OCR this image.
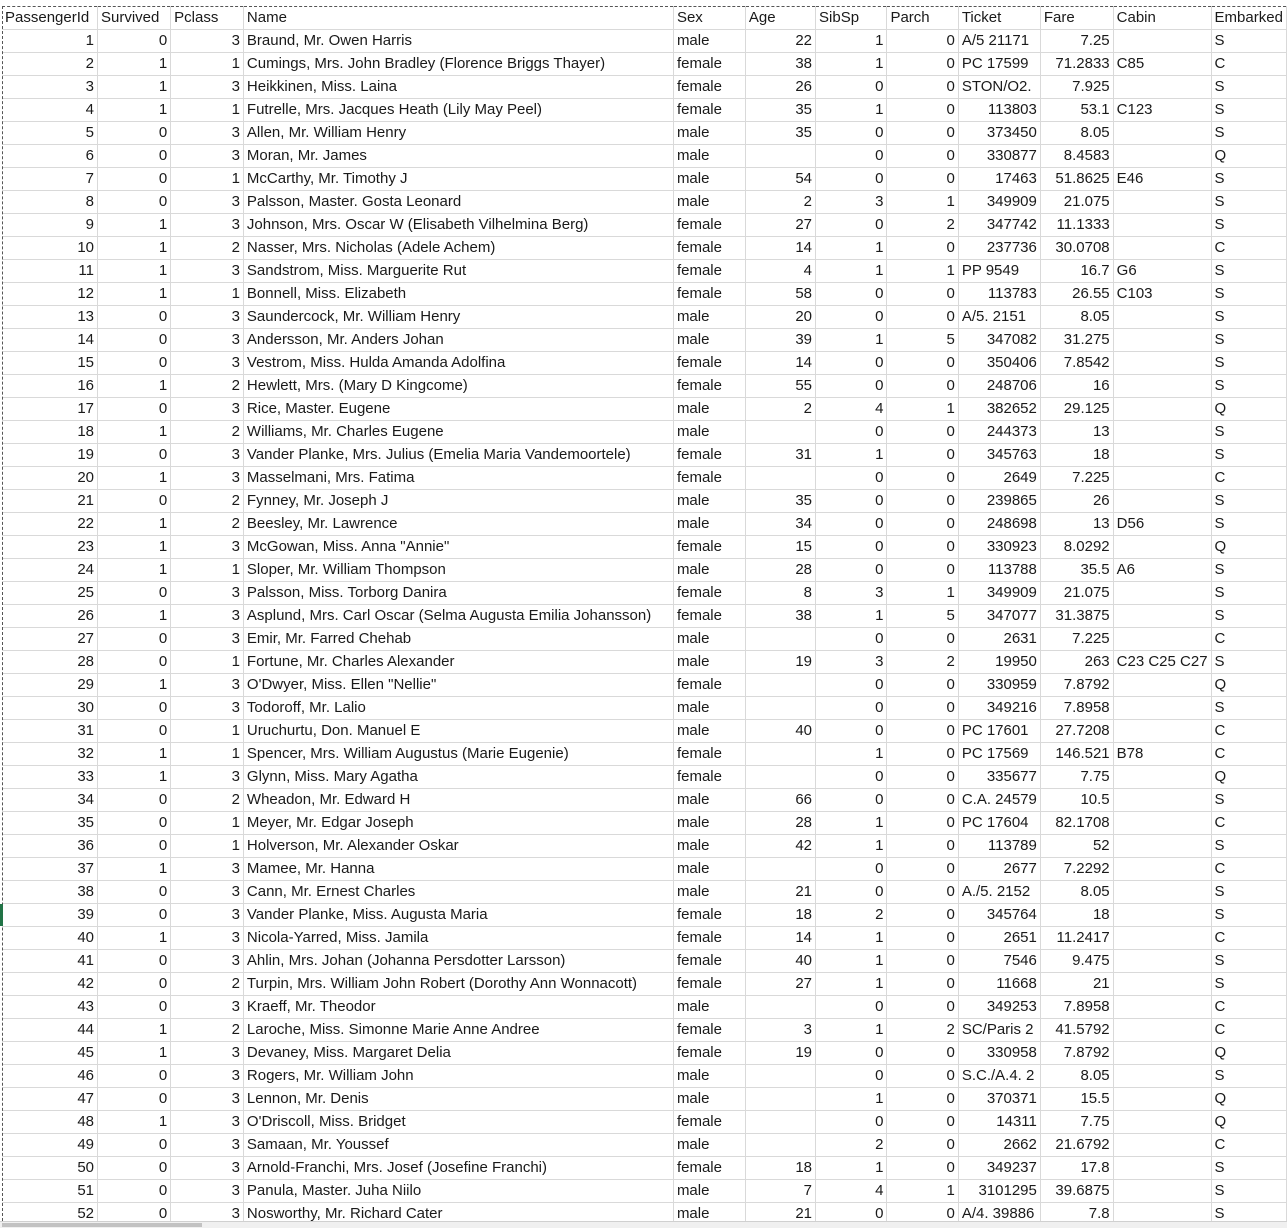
PassengerId	Survived	Pclass	Name	Sex	Age	SibSp	Parch	Ticket	Fare	Cabin	Embarked
1	0	3	Braund, Mr. Owen Harris	male	22	1	0	A/5 21171	7.25		S
2	1	1	Cumings, Mrs. John Bradley (Florence Briggs Thayer)	female	38	1	0	PC 17599	71.2833	C85	C
3	1	3	Heikkinen, Miss. Laina	female	26	0	0	STON/O2.	7.925		S
4	1	1	Futrelle, Mrs. Jacques Heath (Lily May Peel)	female	35	1	0	113803	53.1	C123	S
5	0	3	Allen, Mr. William Henry	male	35	0	0	373450	8.05		S
6	0	3	Moran, Mr. James	male		0	0	330877	8.4583		Q
7	0	1	McCarthy, Mr. Timothy J	male	54	0	0	17463	51.8625	E46	S
8	0	3	Palsson, Master. Gosta Leonard	male	2	3	1	349909	21.075		S
9	1	3	Johnson, Mrs. Oscar W (Elisabeth Vilhelmina Berg)	female	27	0	2	347742	11.1333		S
10	1	2	Nasser, Mrs. Nicholas (Adele Achem)	female	14	1	0	237736	30.0708		C
11	1	3	Sandstrom, Miss. Marguerite Rut	female	4	1	1	PP 9549	16.7	G6	S
12	1	1	Bonnell, Miss. Elizabeth	female	58	0	0	113783	26.55	C103	S
13	0	3	Saundercock, Mr. William Henry	male	20	0	0	A/5. 2151	8.05		S
14	0	3	Andersson, Mr. Anders Johan	male	39	1	5	347082	31.275		S
15	0	3	Vestrom, Miss. Hulda Amanda Adolfina	female	14	0	0	350406	7.8542		S
16	1	2	Hewlett, Mrs. (Mary D Kingcome)	female	55	0	0	248706	16		S
17	0	3	Rice, Master. Eugene	male	2	4	1	382652	29.125		Q
18	1	2	Williams, Mr. Charles Eugene	male		0	0	244373	13		S
19	0	3	Vander Planke, Mrs. Julius (Emelia Maria Vandemoortele)	female	31	1	0	345763	18		S
20	1	3	Masselmani, Mrs. Fatima	female		0	0	2649	7.225		C
21	0	2	Fynney, Mr. Joseph J	male	35	0	0	239865	26		S
22	1	2	Beesley, Mr. Lawrence	male	34	0	0	248698	13	D56	S
23	1	3	McGowan, Miss. Anna "Annie"	female	15	0	0	330923	8.0292		Q
24	1	1	Sloper, Mr. William Thompson	male	28	0	0	113788	35.5	A6	S
25	0	3	Palsson, Miss. Torborg Danira	female	8	3	1	349909	21.075		S
26	1	3	Asplund, Mrs. Carl Oscar (Selma Augusta Emilia Johansson)	female	38	1	5	347077	31.3875		S
27	0	3	Emir, Mr. Farred Chehab	male		0	0	2631	7.225		C
28	0	1	Fortune, Mr. Charles Alexander	male	19	3	2	19950	263	C23 C25 C27	S
29	1	3	O'Dwyer, Miss. Ellen "Nellie"	female		0	0	330959	7.8792		Q
30	0	3	Todoroff, Mr. Lalio	male		0	0	349216	7.8958		S
31	0	1	Uruchurtu, Don. Manuel E	male	40	0	0	PC 17601	27.7208		C
32	1	1	Spencer, Mrs. William Augustus (Marie Eugenie)	female		1	0	PC 17569	146.521	B78	C
33	1	3	Glynn, Miss. Mary Agatha	female		0	0	335677	7.75		Q
34	0	2	Wheadon, Mr. Edward H	male	66	0	0	C.A. 24579	10.5		S
35	0	1	Meyer, Mr. Edgar Joseph	male	28	1	0	PC 17604	82.1708		C
36	0	1	Holverson, Mr. Alexander Oskar	male	42	1	0	113789	52		S
37	1	3	Mamee, Mr. Hanna	male		0	0	2677	7.2292		C
38	0	3	Cann, Mr. Ernest Charles	male	21	0	0	A./5. 2152	8.05		S
39	0	3	Vander Planke, Miss. Augusta Maria	female	18	2	0	345764	18		S
40	1	3	Nicola-Yarred, Miss. Jamila	female	14	1	0	2651	11.2417		C
41	0	3	Ahlin, Mrs. Johan (Johanna Persdotter Larsson)	female	40	1	0	7546	9.475		S
42	0	2	Turpin, Mrs. William John Robert (Dorothy Ann Wonnacott)	female	27	1	0	11668	21		S
43	0	3	Kraeff, Mr. Theodor	male		0	0	349253	7.8958		C
44	1	2	Laroche, Miss. Simonne Marie Anne Andree	female	3	1	2	SC/Paris 2	41.5792		C
45	1	3	Devaney, Miss. Margaret Delia	female	19	0	0	330958	7.8792		Q
46	0	3	Rogers, Mr. William John	male		0	0	S.C./A.4. 2	8.05		S
47	0	3	Lennon, Mr. Denis	male		1	0	370371	15.5		Q
48	1	3	O'Driscoll, Miss. Bridget	female		0	0	14311	7.75		Q
49	0	3	Samaan, Mr. Youssef	male		2	0	2662	21.6792		C
50	0	3	Arnold-Franchi, Mrs. Josef (Josefine Franchi)	female	18	1	0	349237	17.8		S
51	0	3	Panula, Master. Juha Niilo	male	7	4	1	3101295	39.6875		S
52	0	3	Nosworthy, Mr. Richard Cater	male	21	0	0	A/4. 39886	7.8		S
